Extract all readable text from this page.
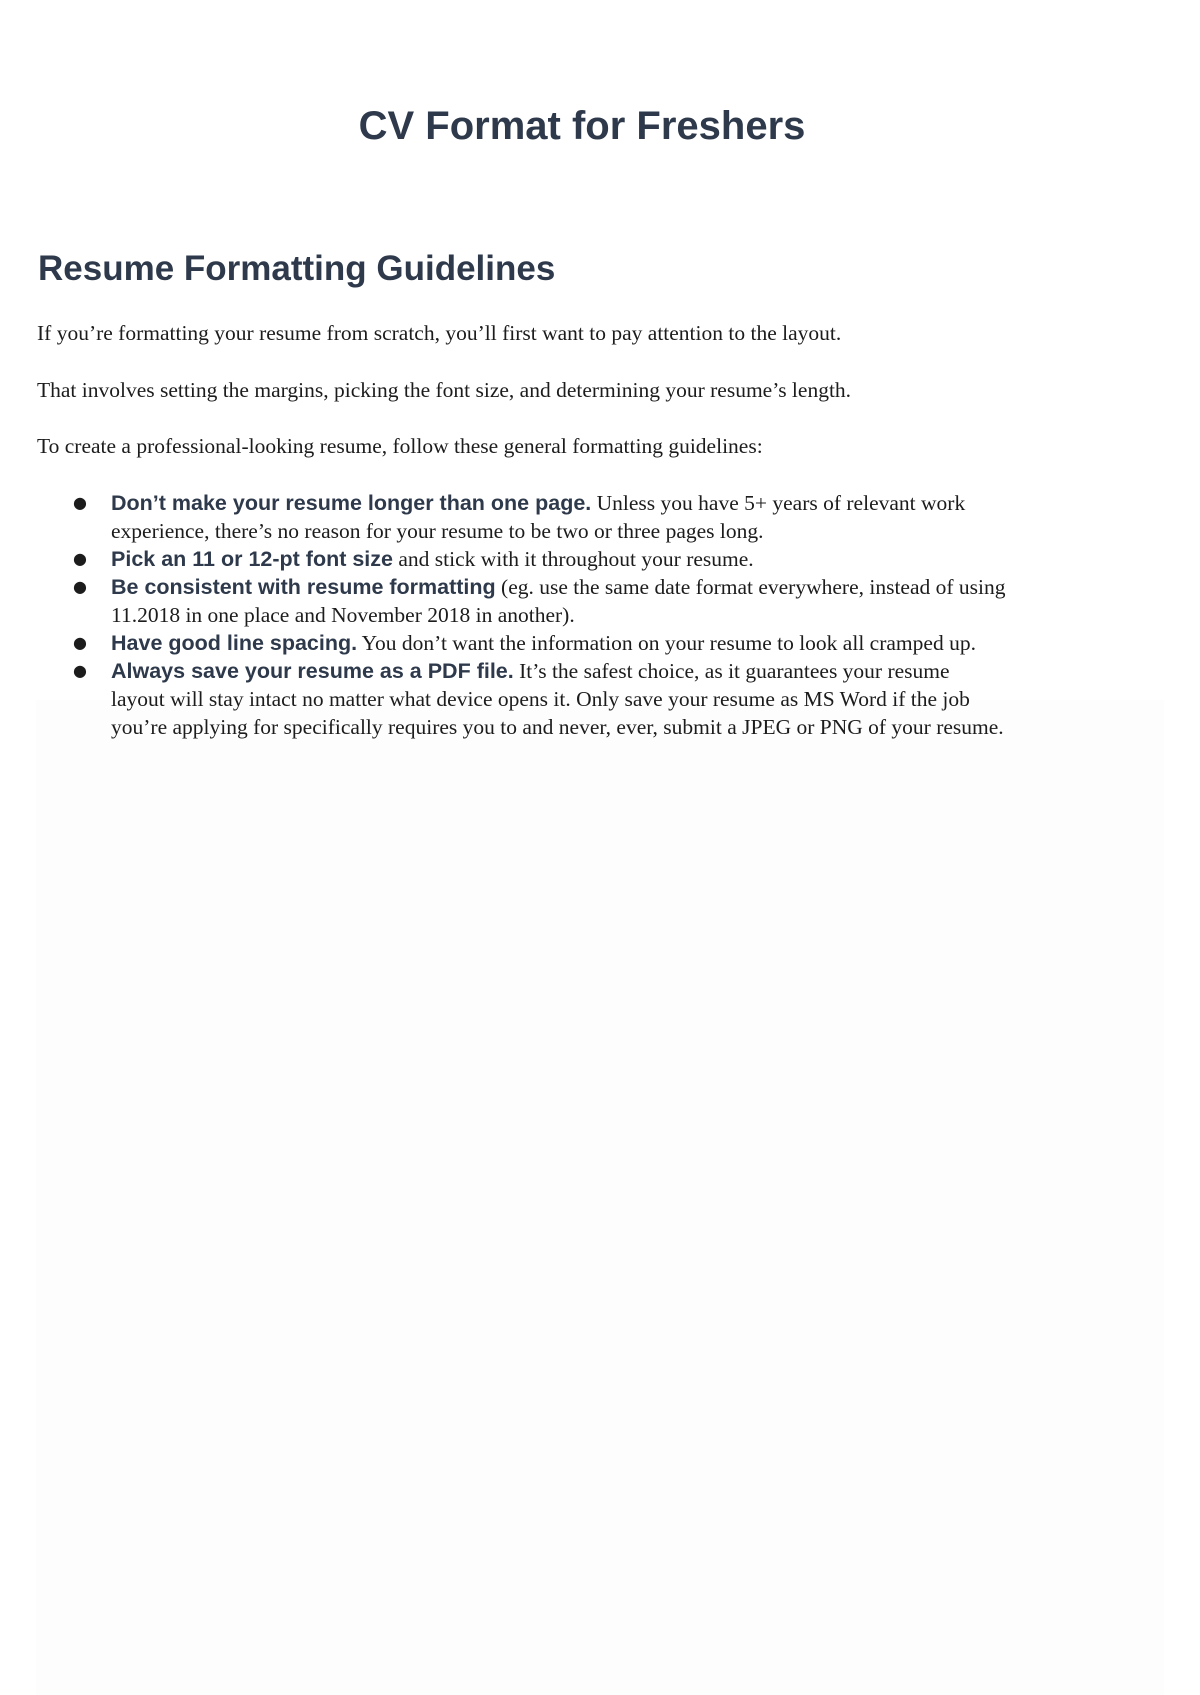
CV Format for Freshers
Resume Formatting Guidelines

If you’re formatting your resume from scratch, you’ll first want to pay attention to the layout.

That involves setting the margins, picking the font size, and determining your resume’s length.

To create a professional-looking resume, follow these general formatting guidelines:

● Don’t make your resume longer than one page. Unless you have 5+ years of relevant work
experience, there’s no reason for your resume to be two or three pages long.
● Pick an 11 or 12-pt font size and stick with it throughout your resume.
● Be consistent with resume formatting (eg. use the same date format everywhere, instead of using
11.2018 in one place and November 2018 in another).
● Have good line spacing. You don’t want the information on your resume to look all cramped up.
● Always save your resume as a PDF file. It’s the safest choice, as it guarantees your resume
layout will stay intact no matter what device opens it. Only save your resume as MS Word if the job
you’re applying for specifically requires you to and never, ever, submit a JPEG or PNG of your resume.
